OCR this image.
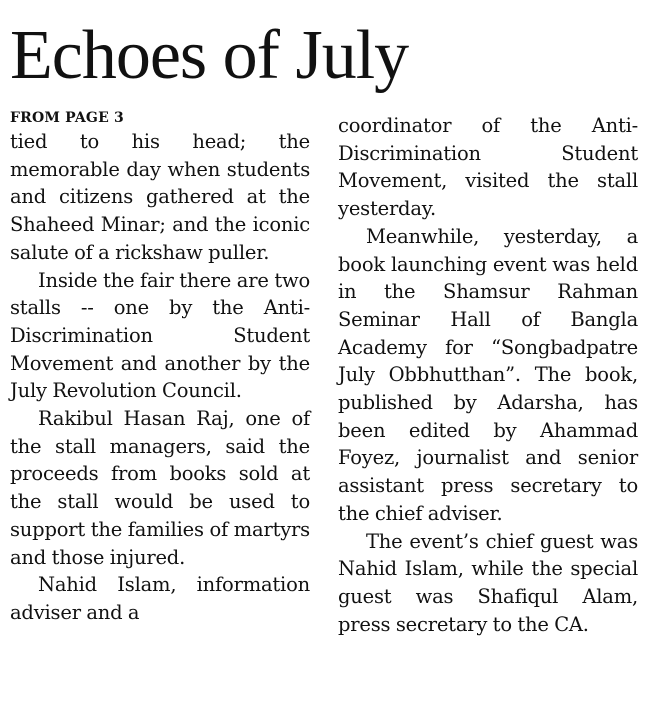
Echoes of July

FROM PAGE 3

tied to his head; the memorable day when students and citizens gathered at the Shaheed Minar; and the iconic salute of a rickshaw puller.

Inside the fair there are two stalls -- one by the Anti-Discrimination Student Movement and another by the July Revolution Council.

Rakibul Hasan Raj, one of the stall managers, said the proceeds from books sold at the stall would be used to support the families of martyrs and those injured.

Nahid Islam, information adviser and a

coordinator of the Anti-Discrimination Student Movement, visited the stall yesterday.

Meanwhile, yesterday, a book launching event was held in the Shamsur Rahman Seminar Hall of Bangla Academy for “Songbadpatre July Obbhutthan”. The book, published by Adarsha, has been edited by Ahammad Foyez, journalist and senior assistant press secretary to the chief adviser.

The event’s chief guest was Nahid Islam, while the special guest was Shafiqul Alam, press secretary to the CA.
